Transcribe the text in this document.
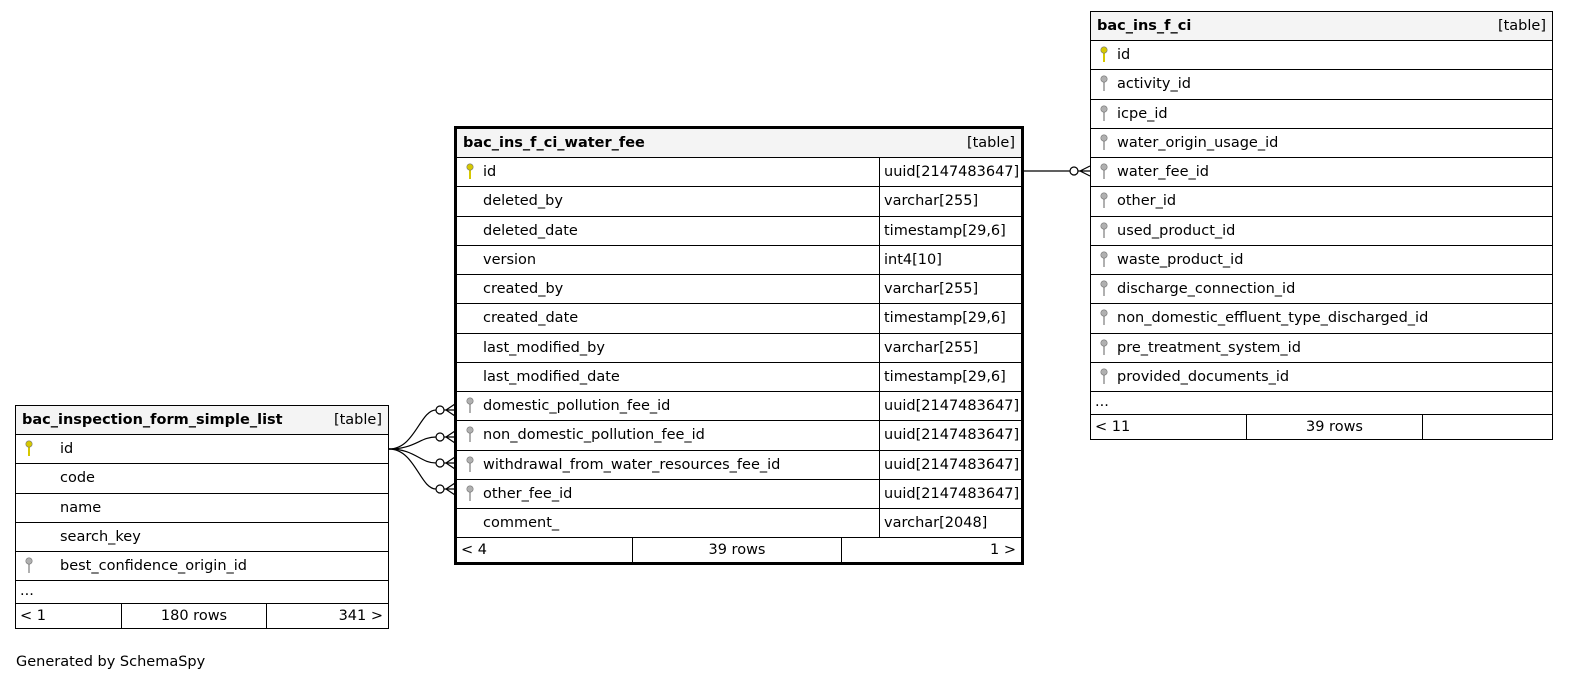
bac_inspection_form_simple_list	[table]
id
code
name
search_key
best_confidence_origin_id
...
< 1	180 rows	341 >
bac_ins_f_ci_water_fee	[table]
id	uuid[2147483647]
deleted_by	varchar[255]
deleted_date	timestamp[29,6]
version	int4[10]
created_by	varchar[255]
created_date	timestamp[29,6]
last_modified_by	varchar[255]
last_modified_date	timestamp[29,6]
domestic_pollution_fee_id	uuid[2147483647]
non_domestic_pollution_fee_id	uuid[2147483647]
withdrawal_from_water_resources_fee_id	uuid[2147483647]
other_fee_id	uuid[2147483647]
comment_	varchar[2048]
< 4	39 rows	1 >
bac_ins_f_ci	[table]
id
activity_id
icpe_id
water_origin_usage_id
water_fee_id
other_id
used_product_id
waste_product_id
discharge_connection_id
non_domestic_effluent_type_discharged_id
pre_treatment_system_id
provided_documents_id
...
< 11	39 rows
Generated by SchemaSpy
